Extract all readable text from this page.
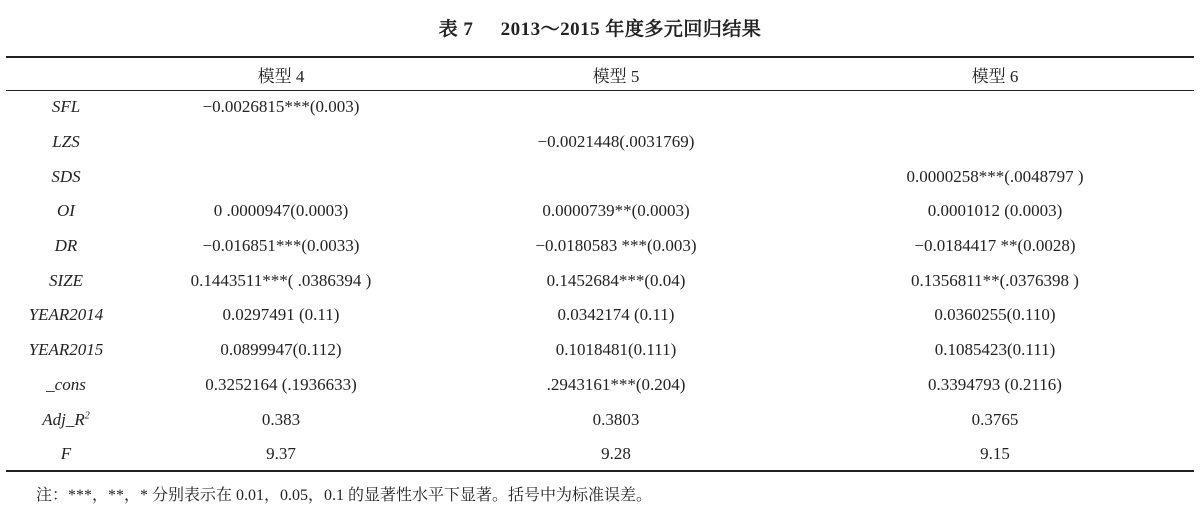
表 7 2013～2015 年度多元回归结果
	模型 4	模型 5	模型 6
SFL	−0.0026815***(0.003)		
LZS		−0.0021448(.0031769)	
SDS			0.0000258***(.0048797 )
OI	0 .0000947(0.0003)	0.0000739**(0.0003)	0.0001012 (0.0003)
DR	−0.016851***(0.0033)	−0.0180583 ***(0.003)	−0.0184417 **(0.0028)
SIZE	0.1443511***( .0386394 )	0.1452684***(0.04)	0.1356811**(.0376398 )
YEAR2014	0.0297491 (0.11)	0.0342174 (0.11)	0.0360255(0.110)
YEAR2015	0.0899947(0.112)	0.1018481(0.111)	0.1085423(0.111)
_cons	0.3252164 (.1936633)	.2943161***(0.204)	0.3394793 (0.2116)
$Adj\_R^2$	0.383	0.3803	0.3765
F	9.37	9.28	9.15
注：***，**，* 分别表示在 0.01，0.05，0.1 的显著性水平下显著。括号中为标准误差。
